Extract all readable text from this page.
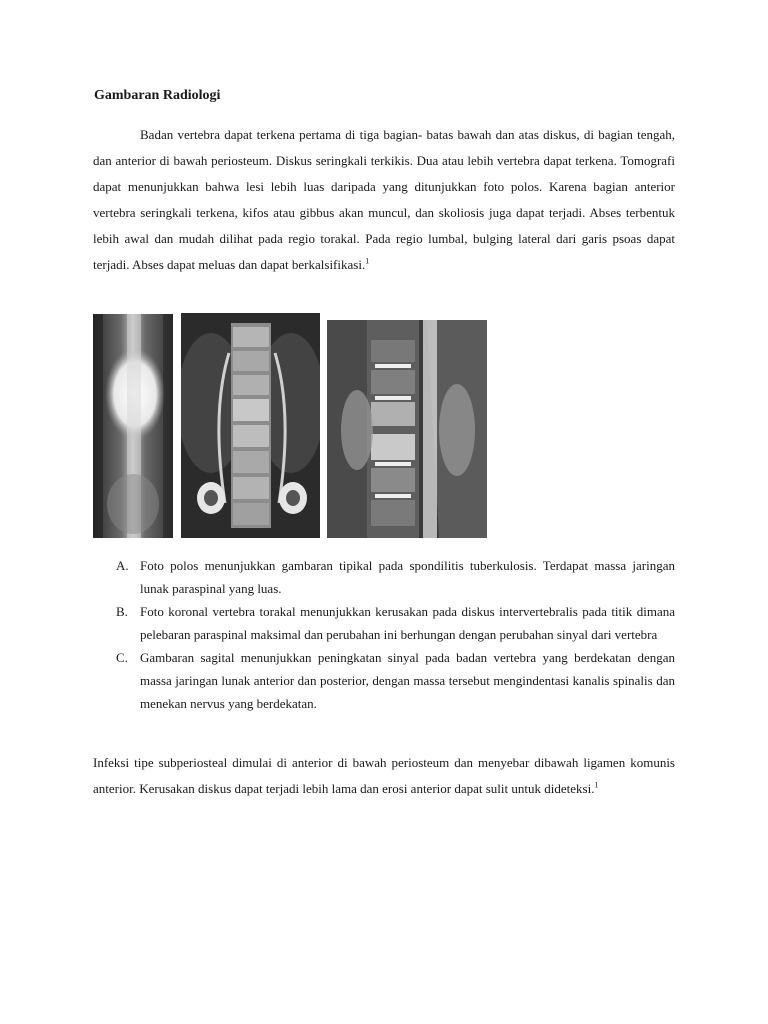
Gambaran Radiologi

Badan vertebra dapat terkena pertama di tiga bagian- batas bawah dan atas diskus, di bagian tengah, dan anterior di bawah periosteum. Diskus seringkali terkikis. Dua atau lebih vertebra dapat terkena. Tomografi dapat menunjukkan bahwa lesi lebih luas daripada yang ditunjukkan foto polos. Karena bagian anterior vertebra seringkali terkena, kifos atau gibbus akan muncul, dan skoliosis juga dapat terjadi. Abses terbentuk lebih awal dan mudah dilihat pada regio torakal. Pada regio lumbal, bulging lateral dari garis psoas dapat terjadi. Abses dapat meluas dan dapat berkalsifikasi.$^1$

A. Foto polos menunjukkan gambaran tipikal pada spondilitis tuberkulosis. Terdapat massa jaringan lunak paraspinal yang luas.
B. Foto koronal vertebra torakal menunjukkan kerusakan pada diskus intervertebralis pada titik dimana pelebaran paraspinal maksimal dan perubahan ini berhungan dengan perubahan sinyal dari vertebra
C. Gambaran sagital menunjukkan peningkatan sinyal pada badan vertebra yang berdekatan dengan massa jaringan lunak anterior dan posterior, dengan massa tersebut mengindentasi kanalis spinalis dan menekan nervus yang berdekatan.

Infeksi tipe subperiosteal dimulai di anterior di bawah periosteum dan menyebar dibawah ligamen komunis anterior. Kerusakan diskus dapat terjadi lebih lama dan erosi anterior dapat sulit untuk dideteksi.$^1$
